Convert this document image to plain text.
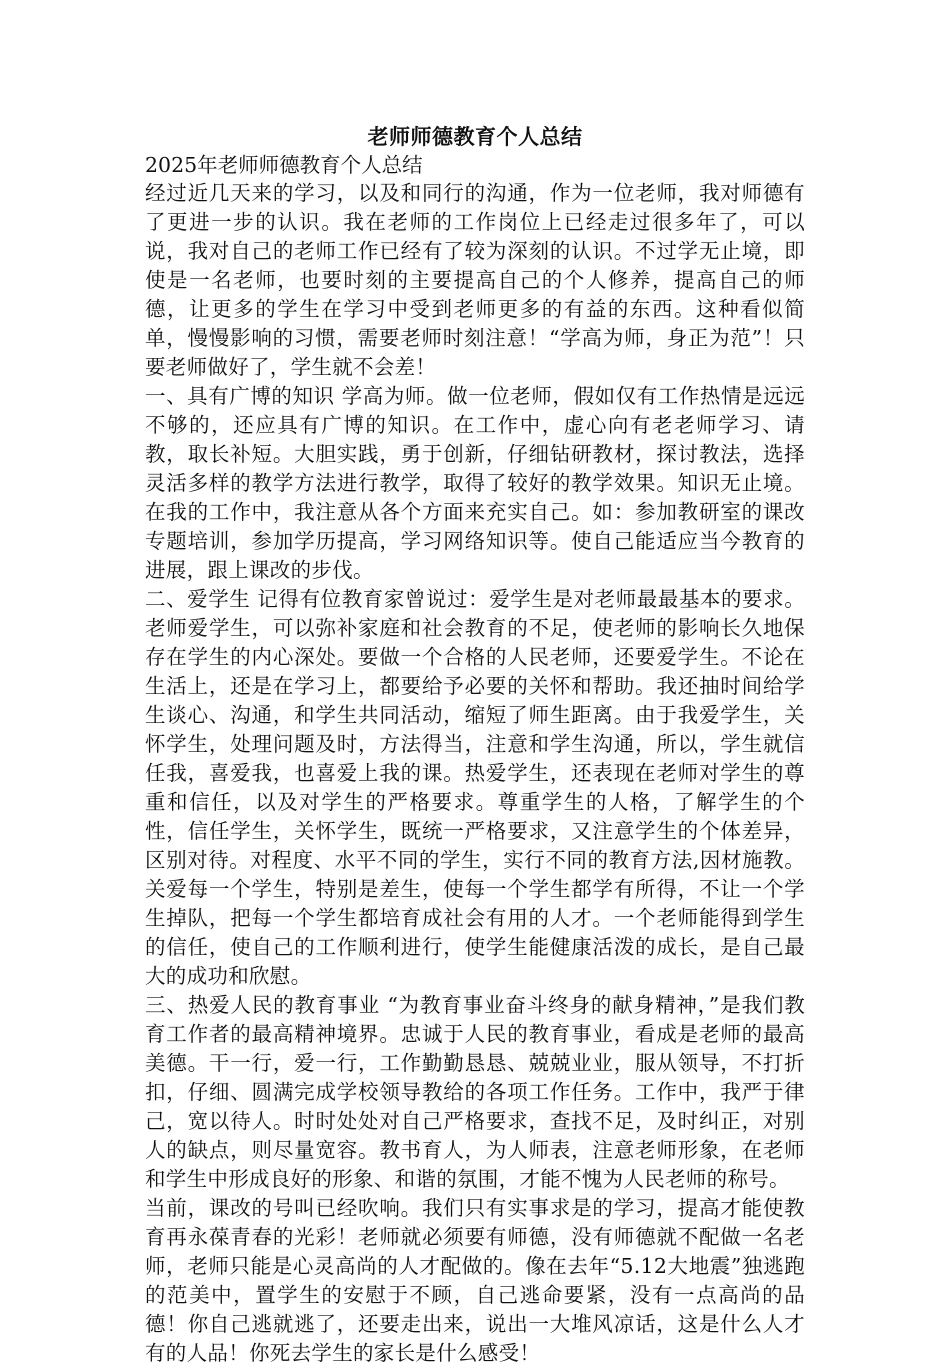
老师师德教育个人总结

2025年老师师德教育个人总结

经过近几天来的学习，以及和同行的沟通，作为一位老师，我对师德有了更进一步的认识。我在老师的工作岗位上已经走过很多年了，可以说，我对自己的老师工作已经有了较为深刻的认识。不过学无止境，即使是一名老师，也要时刻的主要提高自己的个人修养，提高自己的师德，让更多的学生在学习中受到老师更多的有益的东西。这种看似简单，慢慢影响的习惯，需要老师时刻注意！“学高为师，身正为范”！只要老师做好了，学生就不会差！

一、具有广博的知识 学高为师。做一位老师，假如仅有工作热情是远远不够的，还应具有广博的知识。在工作中，虚心向有老老师学习、请教，取长补短。大胆实践，勇于创新，仔细钻研教材，探讨教法，选择灵活多样的教学方法进行教学，取得了较好的教学效果。知识无止境。在我的工作中，我注意从各个方面来充实自己。如：参加教研室的课改专题培训，参加学历提高，学习网络知识等。使自己能适应当今教育的进展，跟上课改的步伐。

二、爱学生 记得有位教育家曾说过：爱学生是对老师最最基本的要求。老师爱学生，可以弥补家庭和社会教育的不足，使老师的影响长久地保存在学生的内心深处。要做一个合格的人民老师，还要爱学生。不论在生活上，还是在学习上，都要给予必要的关怀和帮助。我还抽时间给学生谈心、沟通，和学生共同活动，缩短了师生距离。由于我爱学生，关怀学生，处理问题及时，方法得当，注意和学生沟通，所以，学生就信任我，喜爱我，也喜爱上我的课。热爱学生，还表现在老师对学生的尊重和信任，以及对学生的严格要求。尊重学生的人格，了解学生的个性，信任学生，关怀学生，既统一严格要求，又注意学生的个体差异，区别对待。对程度、水平不同的学生，实行不同的教育方法,因材施教。关爱每一个学生，特别是差生，使每一个学生都学有所得，不让一个学生掉队，把每一个学生都培育成社会有用的人才。一个老师能得到学生的信任，使自己的工作顺利进行，使学生能健康活泼的成长，是自己最大的成功和欣慰。

三、热爱人民的教育事业 “为教育事业奋斗终身的献身精神，”是我们教育工作者的最高精神境界。忠诚于人民的教育事业，看成是老师的最高美德。干一行，爱一行，工作勤勤恳恳、兢兢业业，服从领导，不打折扣，仔细、圆满完成学校领导教给的各项工作任务。工作中，我严于律己，宽以待人。时时处处对自己严格要求，查找不足，及时纠正，对别人的缺点，则尽量宽容。教书育人，为人师表，注意老师形象，在老师和学生中形成良好的形象、和谐的氛围，才能不愧为人民老师的称号。

当前，课改的号叫已经吹响。我们只有实事求是的学习，提高才能使教育再永葆青春的光彩！老师就必须要有师德，没有师德就不配做一名老师，老师只能是心灵高尚的人才配做的。像在去年“5.12大地震”独逃跑的范美中，置学生的安慰于不顾，自己逃命要紧，没有一点高尚的品德！你自己逃就逃了，还要走出来，说出一大堆风凉话，这是什么人才有的人品！你死去学生的家长是什么感受！
